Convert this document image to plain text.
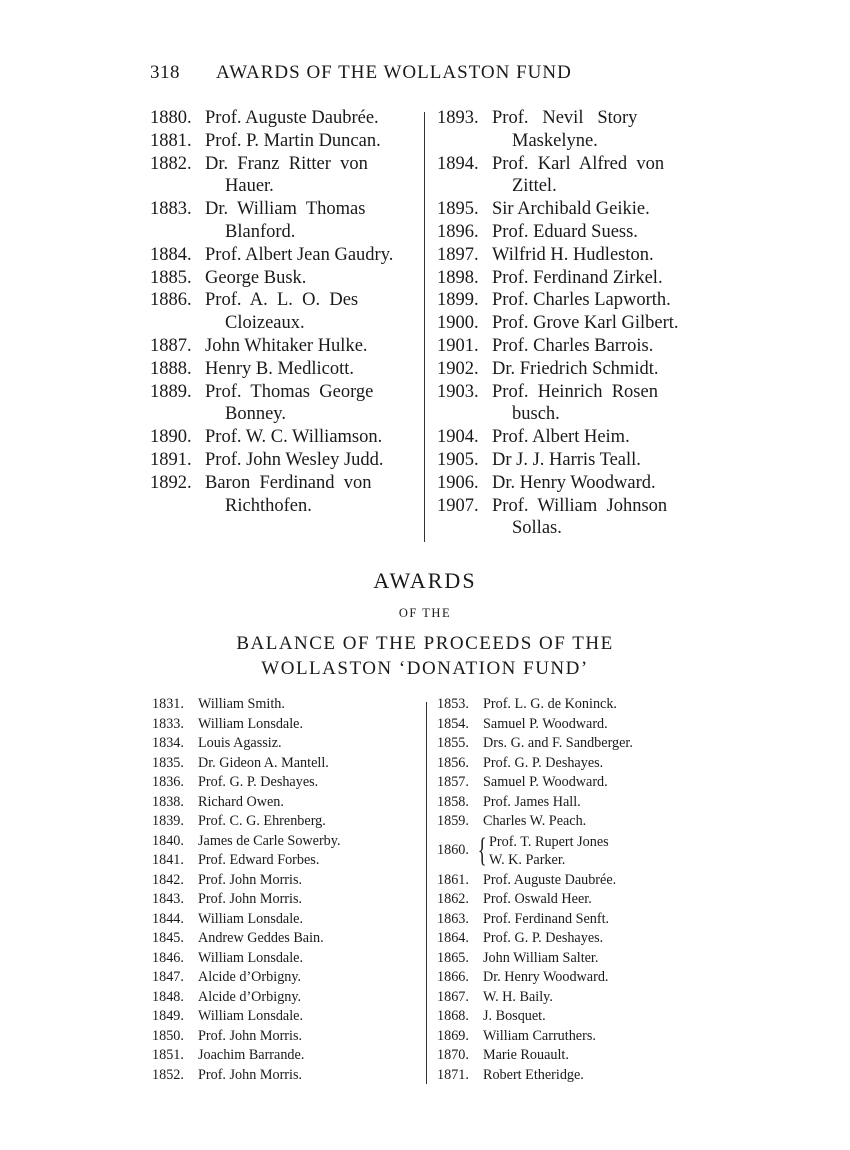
318 AWARDS OF THE WOLLASTON FUND
1880. Prof. Auguste Daubrée.
1881. Prof. P. Martin Duncan.
1882. Dr.  Franz  Ritter  von
Hauer.
1883. Dr.  William  Thomas
Blanford.
1884. Prof. Albert Jean Gaudry.
1885. George Busk.
1886. Prof.  A.  L.  O.  Des
Cloizeaux.
1887. John Whitaker Hulke.
1888. Henry B. Medlicott.
1889. Prof.  Thomas  George
Bonney.
1890. Prof. W. C. Williamson.
1891. Prof. John Wesley Judd.
1892. Baron  Ferdinand  von
Richthofen.
1893. Prof.   Nevil   Story
Maskelyne.
1894. Prof.  Karl  Alfred  von
Zittel.
1895. Sir Archibald Geikie.
1896. Prof. Eduard Suess.
1897. Wilfrid H. Hudleston.
1898. Prof. Ferdinand Zirkel.
1899. Prof. Charles Lapworth.
1900. Prof. Grove Karl Gilbert.
1901. Prof. Charles Barrois.
1902. Dr. Friedrich Schmidt.
1903. Prof.  Heinrich  Rosen
busch.
1904. Prof. Albert Heim.
1905. Dr J. J. Harris Teall.
1906. Dr. Henry Woodward.
1907. Prof.  William  Johnson
Sollas.
AWARDS
OF THE
BALANCE OF THE PROCEEDS OF THE
WOLLASTON ‘DONATION FUND’
1831. William Smith.
1833. William Lonsdale.
1834. Louis Agassiz.
1835. Dr. Gideon A. Mantell.
1836. Prof. G. P. Deshayes.
1838. Richard Owen.
1839. Prof. C. G. Ehrenberg.
1840. James de Carle Sowerby.
1841. Prof. Edward Forbes.
1842. Prof. John Morris.
1843. Prof. John Morris.
1844. William Lonsdale.
1845. Andrew Geddes Bain.
1846. William Lonsdale.
1847. Alcide d’Orbigny.
1848. Alcide d’Orbigny.
1849. William Lonsdale.
1850. Prof. John Morris.
1851. Joachim Barrande.
1852. Prof. John Morris.
1853. Prof. L. G. de Koninck.
1854. Samuel P. Woodward.
1855. Drs. G. and F. Sandberger.
1856. Prof. G. P. Deshayes.
1857. Samuel P. Woodward.
1858. Prof. James Hall.
1859. Charles W. Peach.
1860. { Prof. T. Rupert Jones
W. K. Parker.
1861. Prof. Auguste Daubrée.
1862. Prof. Oswald Heer.
1863. Prof. Ferdinand Senft.
1864. Prof. G. P. Deshayes.
1865. John William Salter.
1866. Dr. Henry Woodward.
1867. W. H. Baily.
1868. J. Bosquet.
1869. William Carruthers.
1870. Marie Rouault.
1871. Robert Etheridge.
